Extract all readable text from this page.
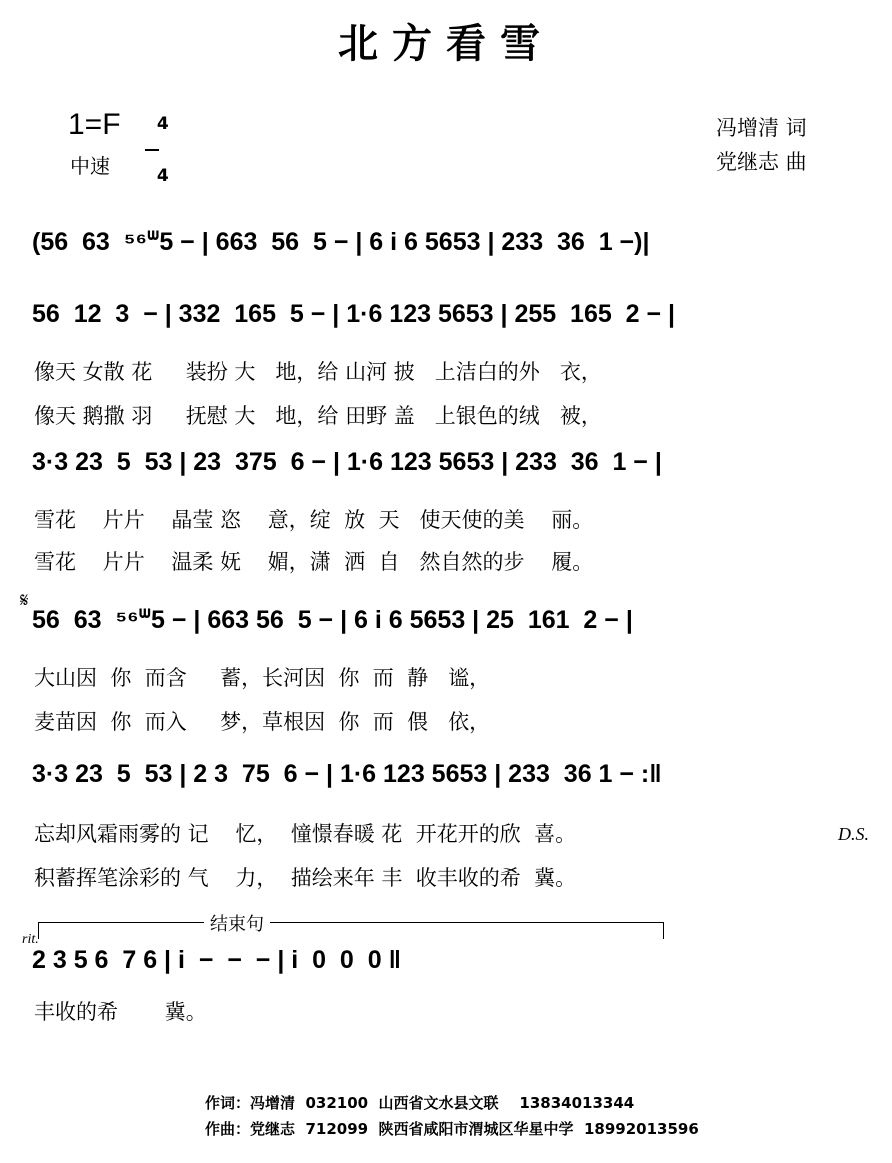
北方看雪
1=F	4

4

中速
冯增清 词
党继志 曲
(56  63  ⁵⁶ᐜ5 − | 663  56  5 − | 6 i 6 5653 | 233  36  1 −)|
56  12  3  − | 332  165  5 − | 1·6 123 5653 | 255  165  2 − |
像天 女散 花     装扮 大   地，给 山河 披   上洁白的外   衣，
像天 鹅撒 羽     抚慰 大   地，给 田野 盖   上银色的绒   被，
3·3 23  5  53 | 23  375  6 − | 1·6 123 5653 | 233  36  1 − |
雪花    片片    晶莹 恣    意，绽  放  天   使天使的美    丽。
雪花    片片    温柔 妩    媚，潇  洒  自   然自然的步    履。
𝄋
56  63  ⁵⁶ᐜ5 − | 663 56  5 − | 6 i 6 5653 | 25  161  2 − |
大山因  你  而含     蓄，长河因  你  而  静   谧，
麦苗因  你  而入     梦，草根因  你  而  偎   依，
3·3 23  5  53 | 2 3  75  6 − | 1·6 123 5653 | 233  36 1 − :‖
忘却风霜雨雾的 记    忆，  憧憬春暖 花  开花开的欣  喜。	D.S.
积蓄挥笔涂彩的 气    力，  描绘来年 丰  收丰收的希  冀。
结束句
rit.
2 3 5 6  7 6 | i  −  −  − | i  0  0  0 ‖
丰收的希       冀。
作词：冯增清  032100  山西省文水县文联    13834013344
作曲：党继志  712099  陕西省咸阳市渭城区华星中学  18992013596
